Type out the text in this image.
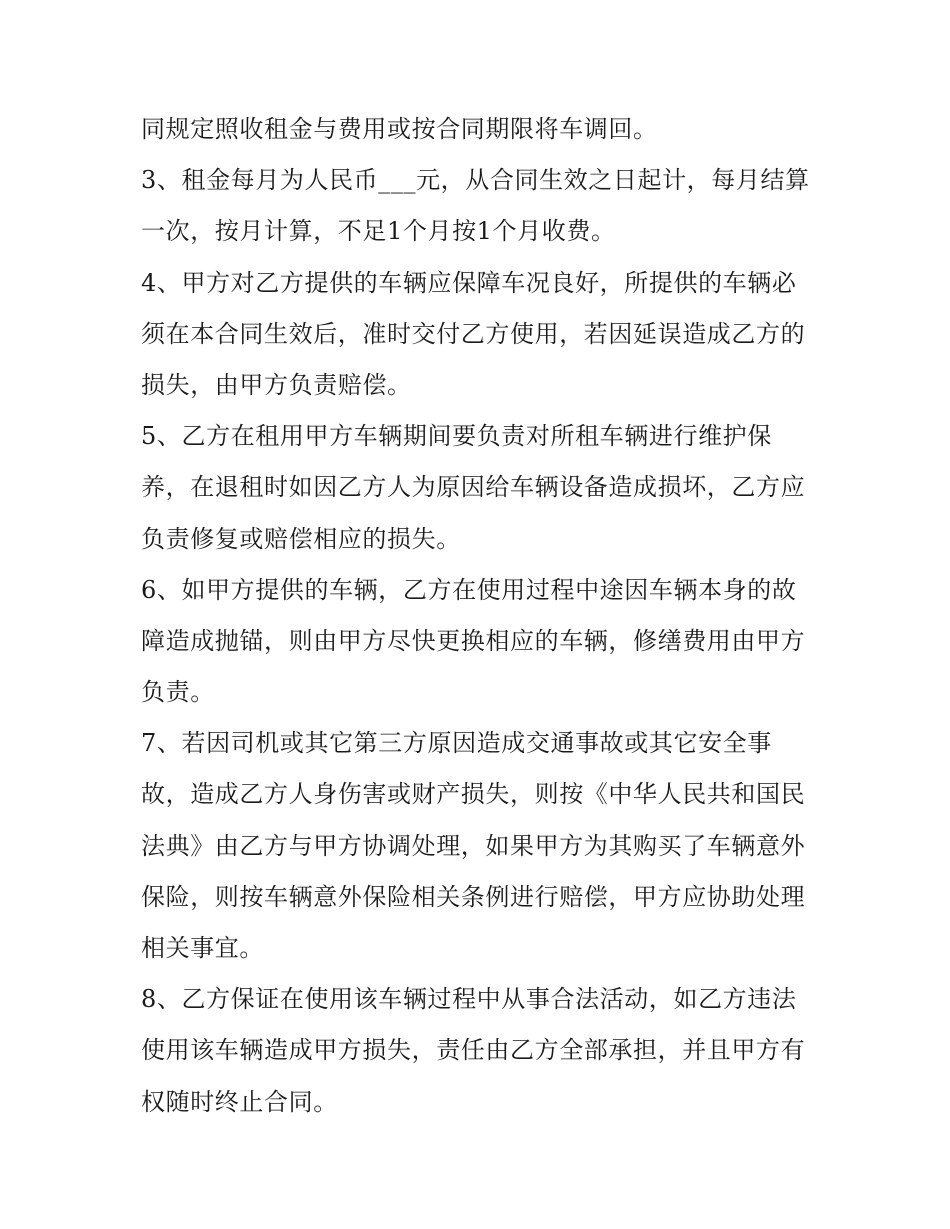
同规定照收租金与费用或按合同期限将车调回。
3、租金每月为人民币___元，从合同生效之日起计，每月结算
一次，按月计算，不足1个月按1个月收费。
4、甲方对乙方提供的车辆应保障车况良好，所提供的车辆必
须在本合同生效后，准时交付乙方使用，若因延误造成乙方的
损失，由甲方负责赔偿。
5、乙方在租用甲方车辆期间要负责对所租车辆进行维护保
养，在退租时如因乙方人为原因给车辆设备造成损坏，乙方应
负责修复或赔偿相应的损失。
6、如甲方提供的车辆，乙方在使用过程中途因车辆本身的故
障造成抛锚，则由甲方尽快更换相应的车辆，修缮费用由甲方
负责。
7、若因司机或其它第三方原因造成交通事故或其它安全事
故，造成乙方人身伤害或财产损失，则按《中华人民共和国民
法典》由乙方与甲方协调处理，如果甲方为其购买了车辆意外
保险，则按车辆意外保险相关条例进行赔偿，甲方应协助处理
相关事宜。
8、乙方保证在使用该车辆过程中从事合法活动，如乙方违法
使用该车辆造成甲方损失，责任由乙方全部承担，并且甲方有
权随时终止合同。
